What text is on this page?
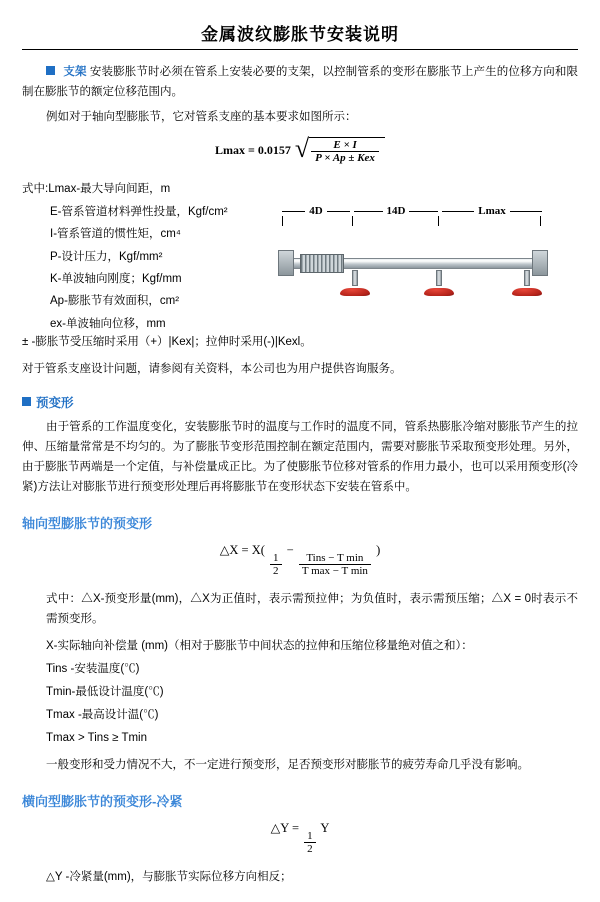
金属波纹膨胀节安装说明

支架 安装膨胀节时必须在管系上安装必要的支架，以控制管系的变形在膨胀节上产生的位移方向和限制在膨胀节的额定位移范围内。

例如对于轴向型膨胀节，它对管系支座的基本要求如图所示：

Lmax = 0.0157 √ $\frac{E \times I}{\text{P × Ap ± Kex}}$
式中:Lmax-最大导向间距，m
E-管系管道材料弹性投量，Kgf/cm²
I-管系管道的惯性矩，cm⁴
P-设计压力，Kgf/mm²
K-单波轴向刚度；Kgf/mm
Ap-膨胀节有效面积，cm²
ex-单波轴向位移，mm
4D	14D	Lmax
± -膨胀节受压缩时采用（+）|Kex|；拉伸时采用(-)|Kexl。

对于管系支座设计问题，请参阅有关资料，本公司也为用户提供咨询服务。

预变形

由于管系的工作温度变化，安装膨胀节时的温度与工作时的温度不同，管系热膨胀冷缩对膨胀节产生的拉伸、压缩量常常是不均匀的。为了膨胀节变形范围控制在额定范围内，需要对膨胀节采取预变形处理。另外，由于膨胀节两端是一个定值，与补偿量成正比。为了使膨胀节位移对管系的作用力最小，也可以采用预变形(冷紧)方法让对膨胀节进行预变形处理后再将膨胀节在变形状态下安装在管系中。

轴向型膨胀节的预变形
△X = X(
$\frac{1}{2}$
−
Tins − T min
T max − T min
)

式中：△X-预变形量(mm)，△X为正值时，表示需预拉伸；为负值时，表示需预压缩；△X = 0时表示不需预变形。

X-实际轴向补偿量 (mm)（相对于膨胀节中间状态的拉伸和压缩位移量绝对值之和）：
Tins -安装温度(℃)
Tmin-最低设计温度(℃)
Tmax -最高设计温(℃)
Tmax > Tins ≥ Tmin

一般变形和受力情况不大，不一定进行预变形，足否预变形对膨胀节的疲劳寿命几乎没有影响。

横向型膨胀节的预变形-冷紧
△Y =
$\frac{1}{2}$
Y

△Y -冷紧量(mm)，与膨胀节实际位移方向相反；
